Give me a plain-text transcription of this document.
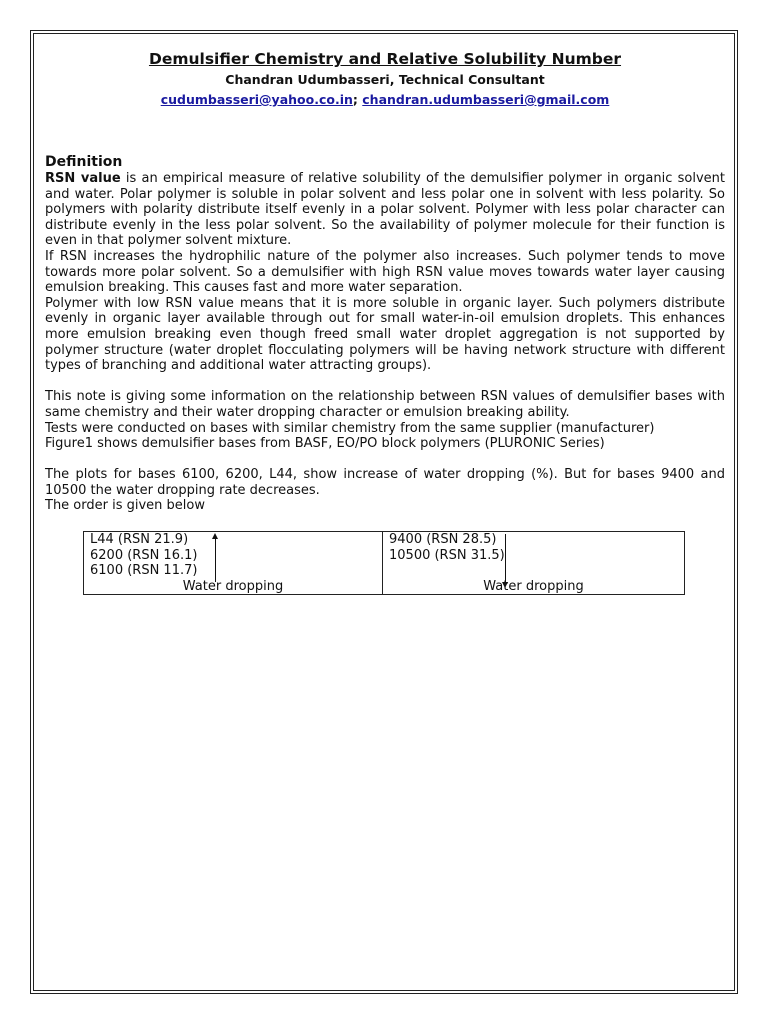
Demulsifier Chemistry and Relative Solubility Number
Chandran Udumbasseri, Technical Consultant
cudumbasseri@yahoo.co.in; chandran.udumbasseri@gmail.com
Definition

RSN value is an empirical measure of relative solubility of the demulsifier polymer in organic solvent and water. Polar polymer is soluble in polar solvent and less polar one in solvent with less polarity. So polymers with polarity distribute itself evenly in a polar solvent. Polymer with less polar character can distribute evenly in the less polar solvent. So the availability of polymer molecule for their function is even in that polymer solvent mixture.

If RSN increases the hydrophilic nature of the polymer also increases. Such polymer tends to move towards more polar solvent. So a demulsifier with high RSN value moves towards water layer causing emulsion breaking. This causes fast and more water separation.

Polymer with low RSN value means that it is more soluble in organic layer. Such polymers distribute evenly in organic layer available through out for small water-in-oil emulsion droplets. This enhances more emulsion breaking even though freed small water droplet aggregation is not supported by polymer structure (water droplet flocculating polymers will be having network structure with different types of branching and additional water attracting groups).

This note is giving some information on the relationship between RSN values of demulsifier bases with same chemistry and their water dropping character or emulsion breaking ability.

Tests were conducted on bases with similar chemistry from the same supplier (manufacturer)

Figure1 shows demulsifier bases from BASF, EO/PO block polymers (PLURONIC Series)

The plots for bases 6100, 6200, L44, show increase of water dropping (%). But for bases 9400 and 10500 the water dropping rate decreases.

The order is given below

L44 (RSN 21.9)
6200 (RSN 16.1)
6100 (RSN 11.7)
Water dropping
9400 (RSN 28.5)
10500 (RSN 31.5)
Water dropping
